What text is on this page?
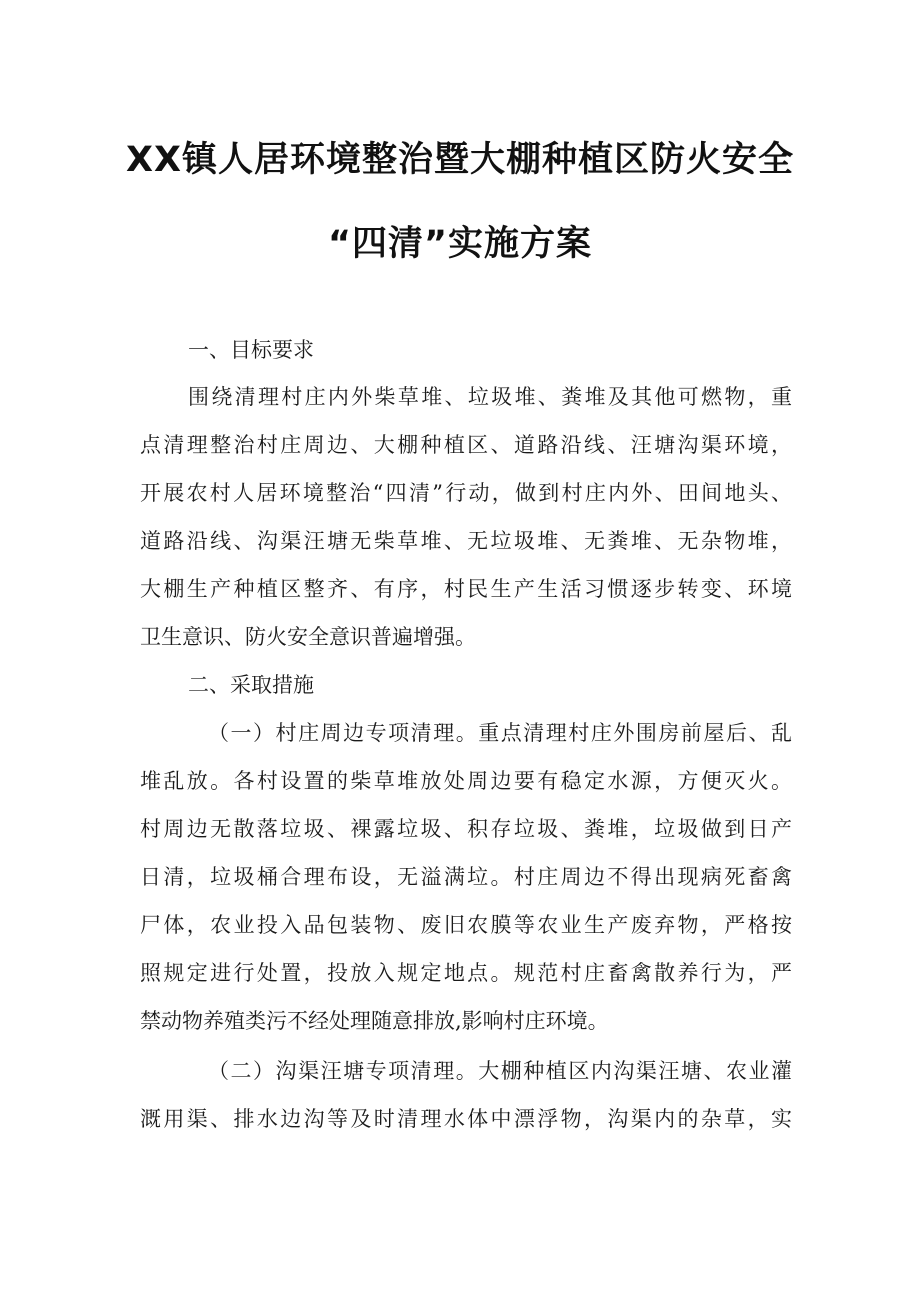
XX镇人居环境整治暨大棚种植区防火安全
“四清”实施方案
一、目标要求
围绕清理村庄内外柴草堆、垃圾堆、粪堆及其他可燃物，重
点清理整治村庄周边、大棚种植区、道路沿线、汪塘沟渠环境，
开展农村人居环境整治“四清”行动，做到村庄内外、田间地头、
道路沿线、沟渠汪塘无柴草堆、无垃圾堆、无粪堆、无杂物堆，
大棚生产种植区整齐、有序，村民生产生活习惯逐步转变、环境
卫生意识、防火安全意识普遍增强。
二、采取措施
（一）村庄周边专项清理。重点清理村庄外围房前屋后、乱
堆乱放。各村设置的柴草堆放处周边要有稳定水源，方便灭火。
村周边无散落垃圾、裸露垃圾、积存垃圾、粪堆，垃圾做到日产
日清，垃圾桶合理布设，无溢满垃。村庄周边不得出现病死畜禽
尸体，农业投入品包装物、废旧农膜等农业生产废弃物，严格按
照规定进行处置，投放入规定地点。规范村庄畜禽散养行为，严
禁动物养殖类污不经处理随意排放,影响村庄环境。
（二）沟渠汪塘专项清理。大棚种植区内沟渠汪塘、农业灌
溉用渠、排水边沟等及时清理水体中漂浮物，沟渠内的杂草，实
